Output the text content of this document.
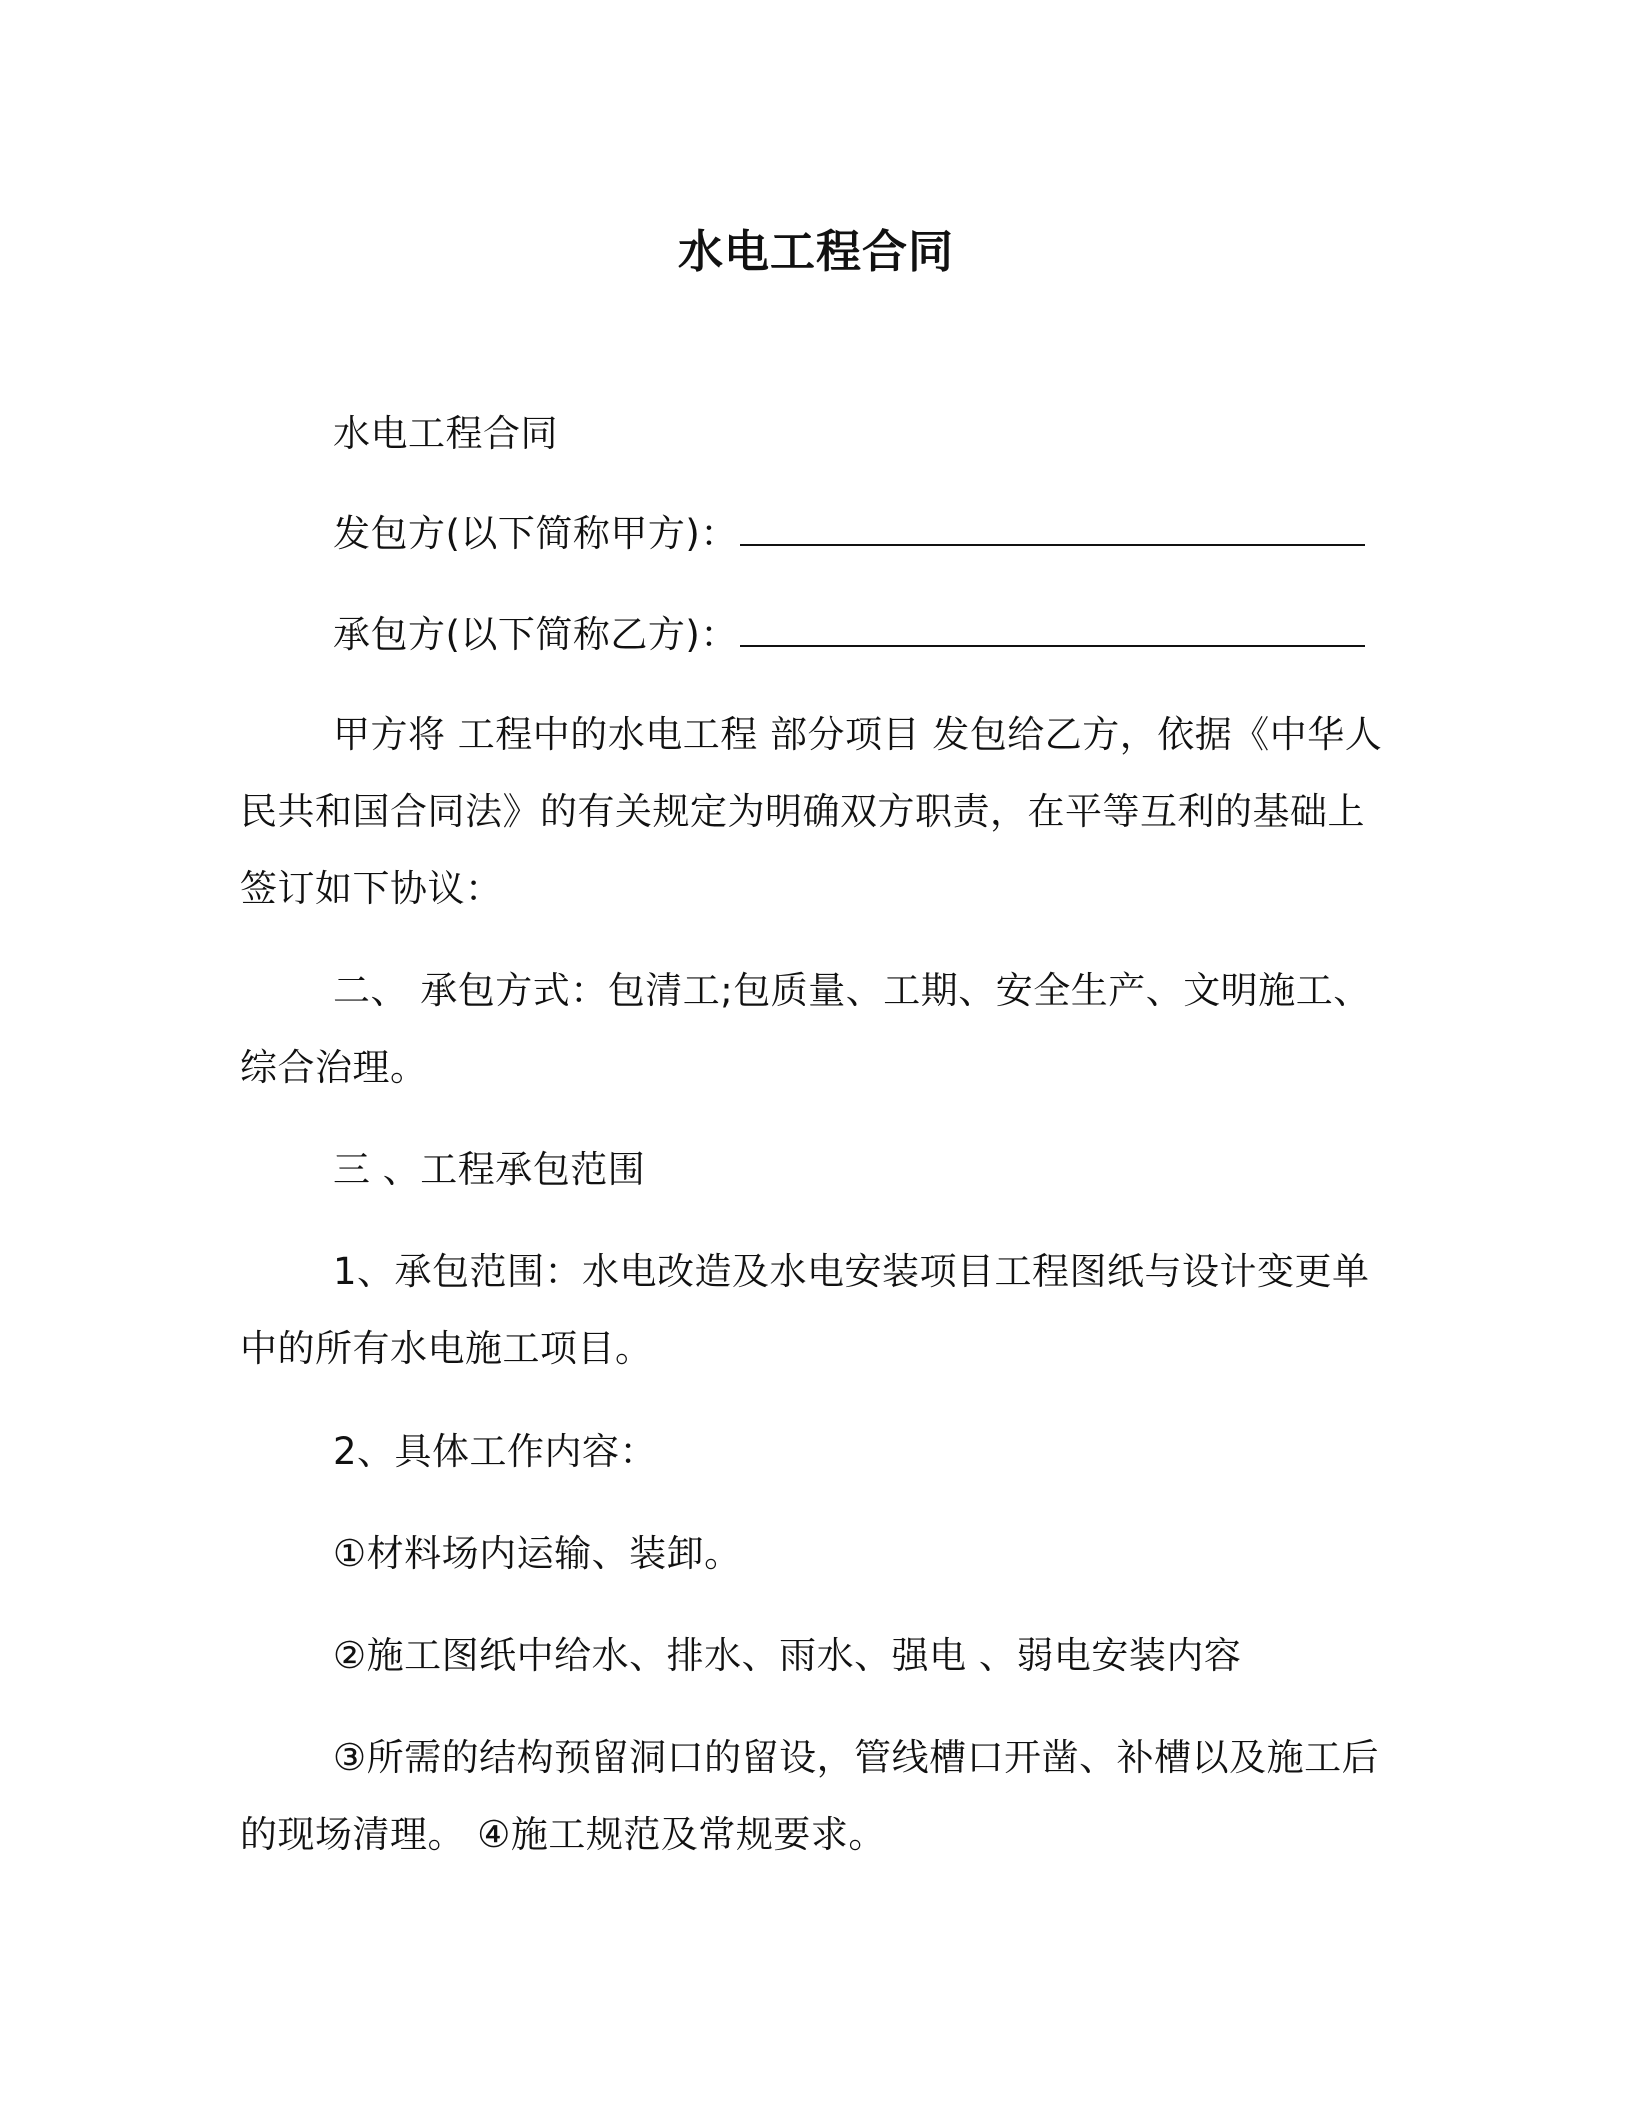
水电工程合同

水电工程合同

发包方(以下简称甲方)：

承包方(以下简称乙方)：

甲方将 工程中的水电工程 部分项目 发包给乙方，依据《中华人民共和国合同法》的有关规定为明确双方职责，在平等互利的基础上签订如下协议：

二、 承包方式：包清工;包质量、工期、安全生产、文明施工、综合治理。

三 、工程承包范围

1、承包范围：水电改造及水电安装项目工程图纸与设计变更单中的所有水电施工项目。

2、具体工作内容：

①材料场内运输、装卸。

②施工图纸中给水、排水、雨水、强电 、弱电安装内容

③所需的结构预留洞口的留设，管线槽口开凿、补槽以及施工后的现场清理。 ④施工规范及常规要求。
